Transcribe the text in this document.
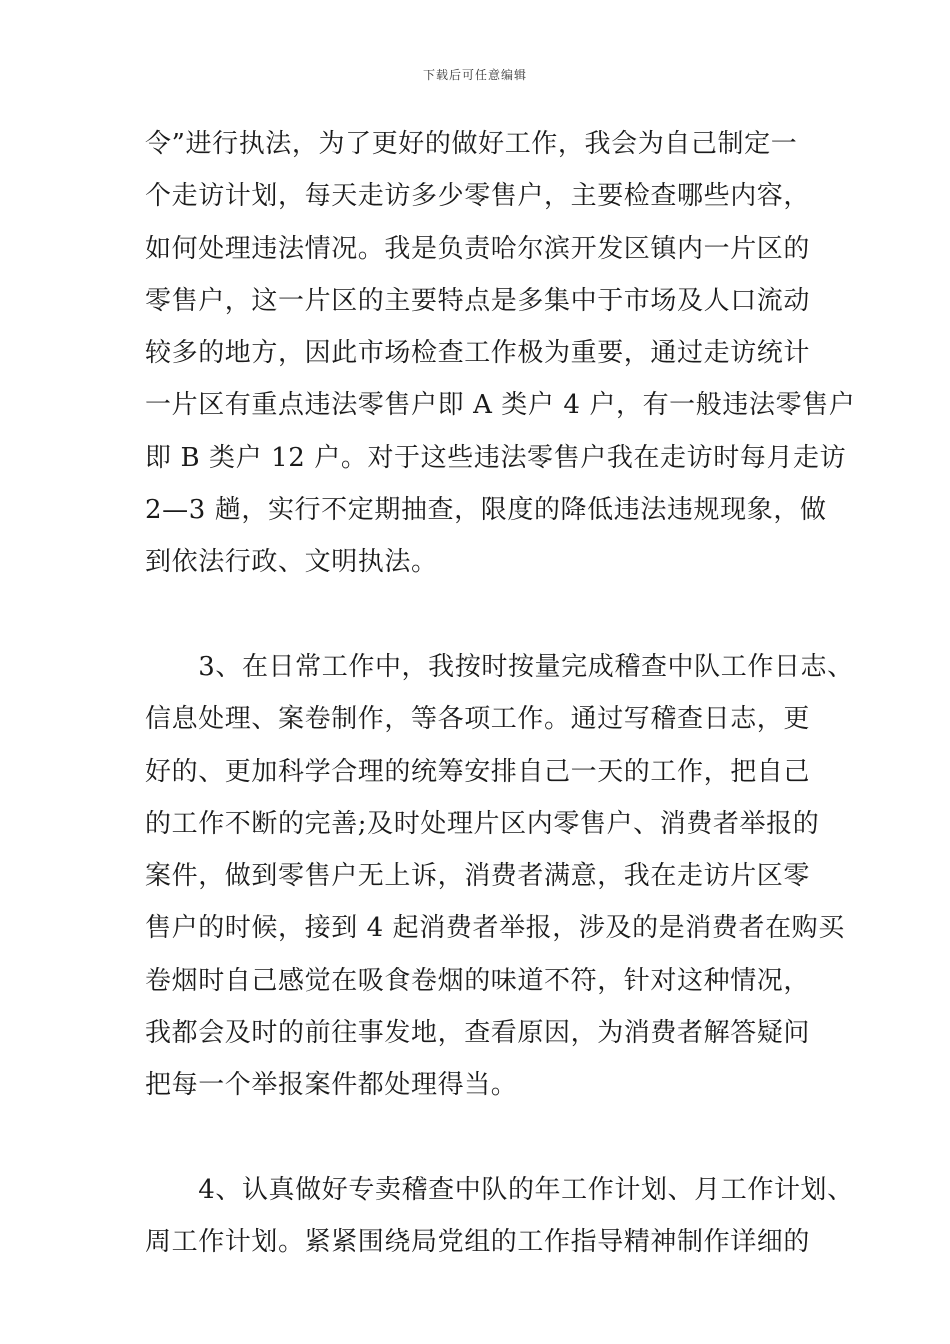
下载后可任意编辑
令”进行执法，为了更好的做好工作，我会为自己制定一
个走访计划，每天走访多少零售户，主要检查哪些内容，
如何处理违法情况。我是负责哈尔滨开发区镇内一片区的
零售户，这一片区的主要特点是多集中于市场及人口流动
较多的地方，因此市场检查工作极为重要，通过走访统计
一片区有重点违法零售户即 A 类户 4 户，有一般违法零售户
即 B 类户 12 户。对于这些违法零售户我在走访时每月走访
2—3 趟，实行不定期抽查，限度的降低违法违规现象，做
到依法行政、文明执法。
　　3、在日常工作中，我按时按量完成稽查中队工作日志、
信息处理、案卷制作，等各项工作。通过写稽查日志，更
好的、更加科学合理的统筹安排自己一天的工作，把自己
的工作不断的完善;及时处理片区内零售户、消费者举报的
案件，做到零售户无上诉，消费者满意，我在走访片区零
售户的时候，接到 4 起消费者举报，涉及的是消费者在购买
卷烟时自己感觉在吸食卷烟的味道不符，针对这种情况，
我都会及时的前往事发地，查看原因，为消费者解答疑问
把每一个举报案件都处理得当。
　　4、认真做好专卖稽查中队的年工作计划、月工作计划、
周工作计划。紧紧围绕局党组的工作指导精神制作详细的
